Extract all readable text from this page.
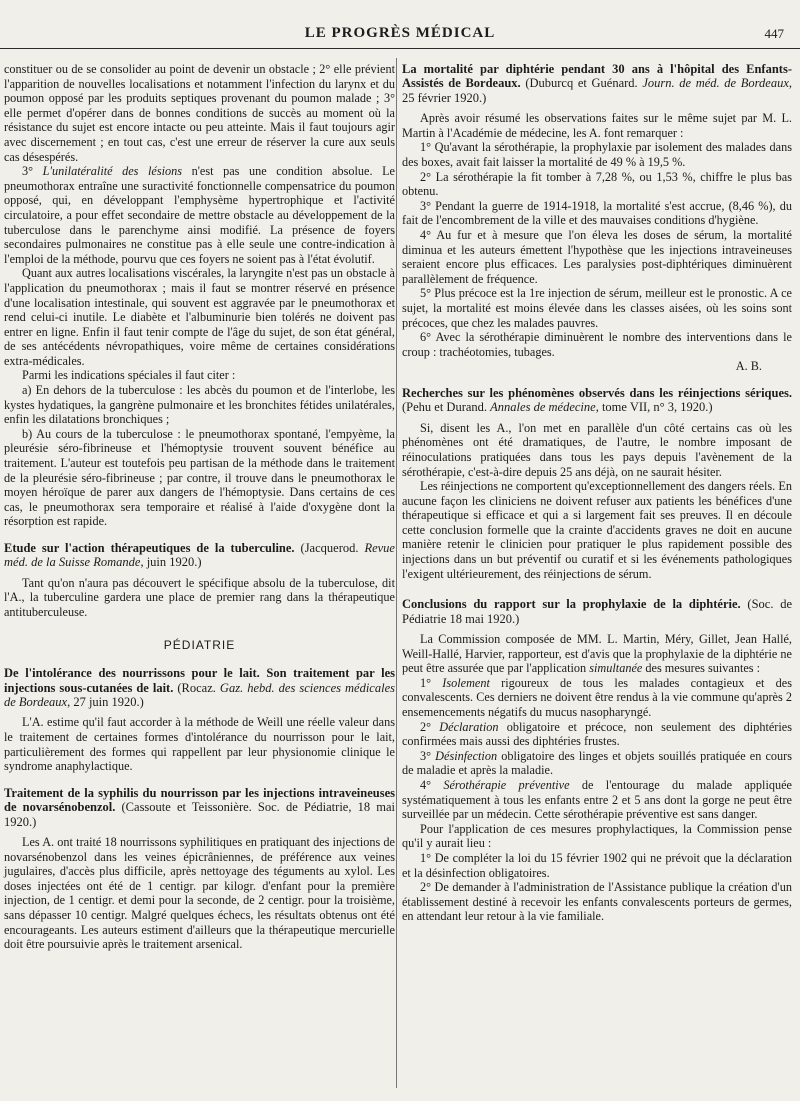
LE PROGRÈS MÉDICAL	447

constituer ou de se consolider au point de devenir un obstacle ; 2° elle prévient l'apparition de nouvelles localisations et notamment l'infection du larynx et du poumon opposé par les produits septiques provenant du poumon malade ; 3° elle permet d'opérer dans de bonnes conditions de succès au moment où la résistance du sujet est encore intacte ou peu atteinte. Mais il faut toujours agir avec discernement ; en tout cas, c'est une erreur de réserver la cure aux seuls cas désespérés.

3° L'unilatéralité des lésions n'est pas une condition absolue. Le pneumothorax entraîne une suractivité fonctionnelle compensatrice du poumon opposé, qui, en développant l'emphysème hypertrophique et l'activité circulatoire, a pour effet secondaire de mettre obstacle au développement de la tuberculose dans le parenchyme ainsi modifié. La présence de foyers secondaires pulmonaires ne constitue pas à elle seule une contre-indication à l'emploi de la méthode, pourvu que ces foyers ne soient pas à l'état évolutif.

Quant aux autres localisations viscérales, la laryngite n'est pas un obstacle à l'application du pneumothorax ; mais il faut se montrer réservé en présence d'une localisation intestinale, qui souvent est aggravée par le pneumothorax et rend celui-ci inutile. Le diabète et l'albuminurie bien tolérés ne doivent pas entrer en ligne. Enfin il faut tenir compte de l'âge du sujet, de son état général, de ses antécédents névropathiques, voire même de certaines considérations extra-médicales.

Parmi les indications spéciales il faut citer :

a) En dehors de la tuberculose : les abcès du poumon et de l'interlobe, les kystes hydatiques, la gangrène pulmonaire et les bronchites fétides unilatérales, enfin les dilatations bronchiques ;

b) Au cours de la tuberculose : le pneumothorax spontané, l'empyème, la pleurésie séro-fibrineuse et l'hémoptysie trouvent souvent bénéfice au traitement. L'auteur est toutefois peu partisan de la méthode dans le traitement de la pleurésie séro-fibrineuse ; par contre, il trouve dans le pneumothorax le moyen héroïque de parer aux dangers de l'hémoptysie. Dans certains de ces cas, le pneumothorax sera temporaire et réalisé à l'aide d'oxygène dont la résorption est rapide.

Etude sur l'action thérapeutiques de la tuberculine. (Jacquerod. Revue méd. de la Suisse Romande, juin 1920.)

Tant qu'on n'aura pas découvert le spécifique absolu de la tuberculose, dit l'A., la tuberculine gardera une place de premier rang dans la thérapeutique antituberculeuse.

PÉDIATRIE
De l'intolérance des nourrissons pour le lait. Son traitement par les injections sous-cutanées de lait. (Rocaz. Gaz. hebd. des sciences médicales de Bordeaux, 27 juin 1920.)

L'A. estime qu'il faut accorder à la méthode de Weill une réelle valeur dans le traitement de certaines formes d'intolérance du nourrisson pour le lait, particulièrement des formes qui rappellent par leur physionomie clinique le syndrome anaphylactique.

Traitement de la syphilis du nourrisson par les injections intraveineuses de novarsénobenzol. (Cassoute et Teissonière. Soc. de Pédiatrie, 18 mai 1920.)

Les A. ont traité 18 nourrissons syphilitiques en pratiquant des injections de novarsénobenzol dans les veines épicrâniennes, de préférence aux veines jugulaires, d'accès plus difficile, après nettoyage des téguments au xylol. Les doses injectées ont été de 1 centigr. par kilogr. d'enfant pour la première injection, de 1 centigr. et demi pour la seconde, de 2 centigr. pour la troisième, sans dépasser 10 centigr. Malgré quelques échecs, les résultats obtenus ont été encourageants. Les auteurs estiment d'ailleurs que la thérapeutique mercurielle doit être poursuivie après le traitement arsenical.

La mortalité par diphtérie pendant 30 ans à l'hôpital des Enfants-Assistés de Bordeaux. (Duburcq et Guénard. Journ. de méd. de Bordeaux, 25 février 1920.)

Après avoir résumé les observations faites sur le même sujet par M. L. Martin à l'Académie de médecine, les A. font remarquer :

1° Qu'avant la sérothérapie, la prophylaxie par isolement des malades dans des boxes, avait fait laisser la mortalité de 49 % à 19,5 %.

2° La sérothérapie la fit tomber à 7,28 %, ou 1,53 %, chiffre le plus bas obtenu.

3° Pendant la guerre de 1914-1918, la mortalité s'est accrue, (8,46 %), du fait de l'encombrement de la ville et des mauvaises conditions d'hygiène.

4° Au fur et à mesure que l'on éleva les doses de sérum, la mortalité diminua et les auteurs émettent l'hypothèse que les injections intraveineuses seraient encore plus efficaces. Les paralysies post-diphtériques diminuèrent parallèlement de fréquence.

5° Plus précoce est la 1re injection de sérum, meilleur est le pronostic. A ce sujet, la mortalité est moins élevée dans les classes aisées, où les soins sont précoces, que chez les malades pauvres.

6° Avec la sérothérapie diminuèrent le nombre des interventions dans le croup : trachéotomies, tubages.

A. B.

Recherches sur les phénomènes observés dans les réinjections sériques. (Pehu et Durand. Annales de médecine, tome VII, n° 3, 1920.)

Si, disent les A., l'on met en parallèle d'un côté certains cas où les phénomènes ont été dramatiques, de l'autre, le nombre imposant de réinoculations pratiquées dans tous les pays depuis l'avènement de la sérothérapie, c'est-à-dire depuis 25 ans déjà, on ne saurait hésiter.

Les réinjections ne comportent qu'exceptionnellement des dangers réels. En aucune façon les cliniciens ne doivent refuser aux patients les bénéfices d'une thérapeutique si efficace et qui a si largement fait ses preuves. Il en découle cette conclusion formelle que la crainte d'accidents graves ne doit en aucune manière retenir le clinicien pour pratiquer le plus rapidement possible des injections dans un but préventif ou curatif et si les événements pathologiques l'exigent ultérieurement, des réinjections de sérum.

Conclusions du rapport sur la prophylaxie de la diphtérie. (Soc. de Pédiatrie 18 mai 1920.)

La Commission composée de MM. L. Martin, Méry, Gillet, Jean Hallé, Weill-Hallé, Harvier, rapporteur, est d'avis que la prophylaxie de la diphtérie ne peut être assurée que par l'application simultanée des mesures suivantes :

1° Isolement rigoureux de tous les malades contagieux et des convalescents. Ces derniers ne doivent être rendus à la vie commune qu'après 2 ensemencements négatifs du mucus nasopharyngé.

2° Déclaration obligatoire et précoce, non seulement des diphtéries confirmées mais aussi des diphtéries frustes.

3° Désinfection obligatoire des linges et objets souillés pratiquée en cours de maladie et après la maladie.

4° Sérothérapie préventive de l'entourage du malade appliquée systématiquement à tous les enfants entre 2 et 5 ans dont la gorge ne peut être surveillée par un médecin. Cette sérothérapie préventive est sans danger.

Pour l'application de ces mesures prophylactiques, la Commission pense qu'il y aurait lieu :

1° De compléter la loi du 15 février 1902 qui ne prévoit que la déclaration et la désinfection obligatoires.

2° De demander à l'administration de l'Assistance publique la création d'un établissement destiné à recevoir les enfants convalescents porteurs de germes, en attendant leur retour à la vie familiale.
